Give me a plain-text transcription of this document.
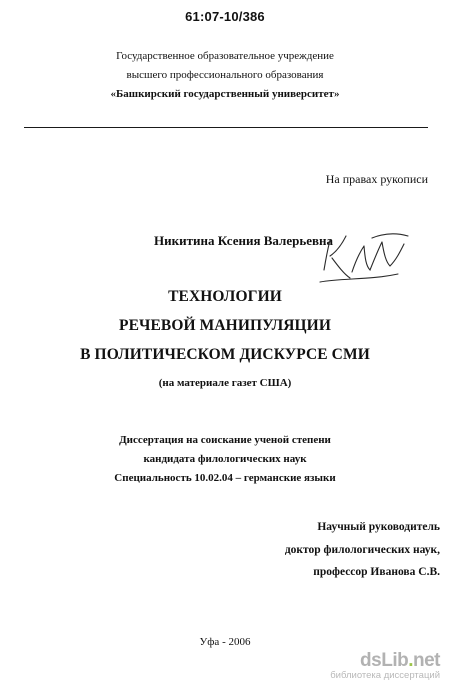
61:07-10/386
Государственное образовательное учреждение
высшего профессионального образования
«Башкирский государственный университет»
На правах рукописи
Никитина Ксения Валерьевна
ТЕХНОЛОГИИ
РЕЧЕВОЙ МАНИПУЛЯЦИИ
В ПОЛИТИЧЕСКОМ ДИСКУРСЕ СМИ
(на материале газет США)
Диссертация на соискание ученой степени
кандидата филологических наук
Специальность 10.02.04 – германские языки
Научный руководитель
доктор филологических наук,
профессор Иванова С.В.
Уфа - 2006
dsLib.net
библиотека диссертаций
